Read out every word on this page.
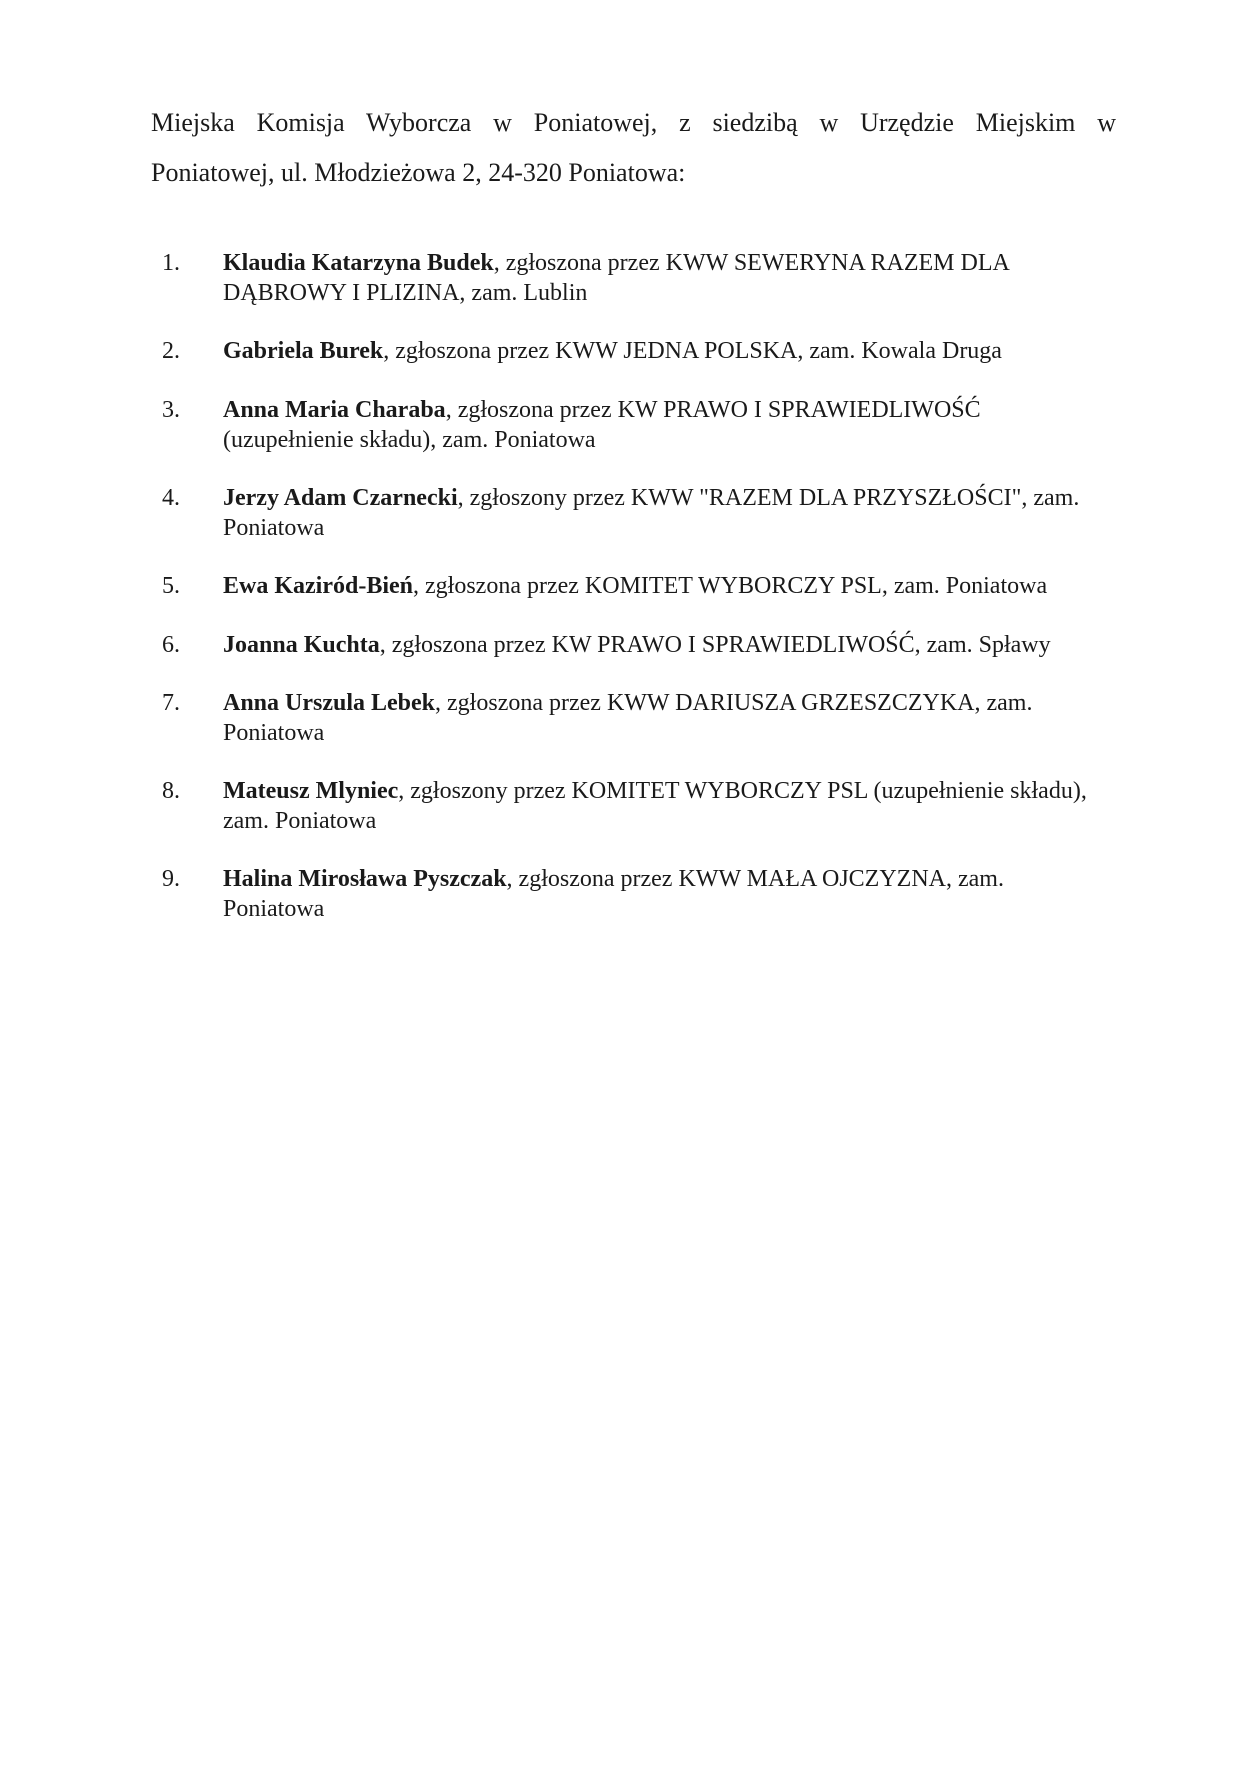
Miejska Komisja Wyborcza w Poniatowej, z siedzibą w Urzędzie Miejskim w
Poniatowej, ul. Młodzieżowa 2, 24-320 Poniatowa:
1. Klaudia Katarzyna Budek, zgłoszona przez KWW SEWERYNA RAZEM DLA DĄBROWY I PLIZINA, zam. Lublin
2. Gabriela Burek, zgłoszona przez KWW JEDNA POLSKA, zam. Kowala Druga
3. Anna Maria Charaba, zgłoszona przez KW PRAWO I SPRAWIEDLIWOŚĆ (uzupełnienie składu), zam. Poniatowa
4. Jerzy Adam Czarnecki, zgłoszony przez KWW "RAZEM DLA PRZYSZŁOŚCI", zam. Poniatowa
5. Ewa Kaziród-Bień, zgłoszona przez KOMITET WYBORCZY PSL, zam. Poniatowa
6. Joanna Kuchta, zgłoszona przez KW PRAWO I SPRAWIEDLIWOŚĆ, zam. Spławy
7. Anna Urszula Lebek, zgłoszona przez KWW DARIUSZA GRZESZCZYKA, zam. Poniatowa
8. Mateusz Mlyniec, zgłoszony przez KOMITET WYBORCZY PSL (uzupełnienie składu), zam. Poniatowa
9. Halina Mirosława Pyszczak, zgłoszona przez KWW MAŁA OJCZYZNA, zam. Poniatowa
